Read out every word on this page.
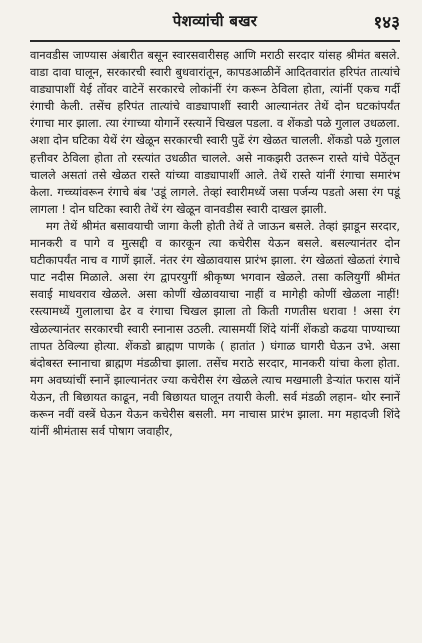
पेशव्यांची बखर	१४३

वानवडीस जाण्यास अंबारीत बसून स्वारसवारीसह आणि मराठी सरदार यांसह श्रीमंत बसले. वाडा दावा घालून, सरकारची स्वारी बुधवारांतून, कापडआळीनें आदितवारांत हरिपंत तात्यांचे वाड्यापाशीं येई तोंवर वाटेनें सरकारचे लोकांनीं रंग करून ठेविला होता, त्यांनीं एकच गर्दी रंगाची केली. तसेंच हरिपंत तात्यांचे वाड्यापाशीं स्वारी आल्यानंतर तेथें दोन घटकांपर्यंत रंगाचा मार झाला. त्या रंगाच्या योगानें रस्त्यानें चिखल पडला. व शेंकडो पळे गुलाल उधळला. अशा दोन घटिका येथें रंग खेळून सरकारची स्वारी पुढें रंग खेळत चालली. शेंकडो पळे गुलाल हत्तीवर ठेविला होता तो रस्त्यांत उधळीत चालले. असे नाकझरी उतरून रास्ते यांचे पेठेंतून चालले असतां तसे खेळत रास्ते यांच्या वाड्यापाशीं आले. तेथें रास्ते यांनीं रंगाचा समारंभ केला. गच्च्यांवरून रंगाचे बंब 'उडूं लागले. तेव्हां स्वारीमध्यें जसा पर्जन्य पडतो असा रंग पडूं लागला ! दोन घटिका स्वारी तेथें रंग खेळून वानवडीस स्वारी दाखल झाली.

मग तेथें श्रीमंत बसावयाची जागा केली होती तेथें ते जाऊन बसले. तेव्हां झाडून सरदार, मानकरी व पागे व मुत्सद्दी व कारकून त्या कचेरीस येऊन बसले. बसल्यानंतर दोन घटीकापर्यंत नाच व गाणें झालें. नंतर रंग खेळावयास प्रारंभ झाला. रंग खेळतां खेळतां रंगाचे पाट नदीस मिळाले. असा रंग द्वापरयुगीं श्रीकृष्ण भगवान खेळले. तसा कलियुगीं श्रीमंत सवाई माधवराव खेळले. असा कोणीं खेळावयाचा नाहीं व मागेही कोणीं खेळला नाहीं! रस्त्यामध्यें गुलालाचा ढेर व रंगाचा चिखल झाला तो किती गणतीस धरावा ! असा रंग खेळल्यानंतर सरकारची स्वारी स्नानास उठली. त्यासमयीं शिंदे यांनीं शेंकडो कढया पाण्याच्या तापत ठेविल्या होत्या. शेंकडो ब्राह्मण पाणके ( हातांत ) घंगाळ घागरी घेऊन उभे. असा बंदोबस्त स्नानाचा ब्राह्मण मंडळीचा झाला. तसेंच मराठे सरदार, मानकरी यांचा केला होता. मग अवघ्यांचीं स्नानें झाल्यानंतर ज्या कचेरीस रंग खेळले त्याच मखमाली डेऱ्यांत फरास यांनें येऊन, ती बिछायत काढून, नवी बिछायत घालून तयारी केली. सर्व मंडळी लहान- थोर स्नानें करून नवीं वस्त्रें घेऊन येऊन कचेरीस बसली. मग नाचास प्रारंभ झाला. मग महादजी शिंदे यांनीं श्रीमंतास सर्व पोषाग जवाहीर,
